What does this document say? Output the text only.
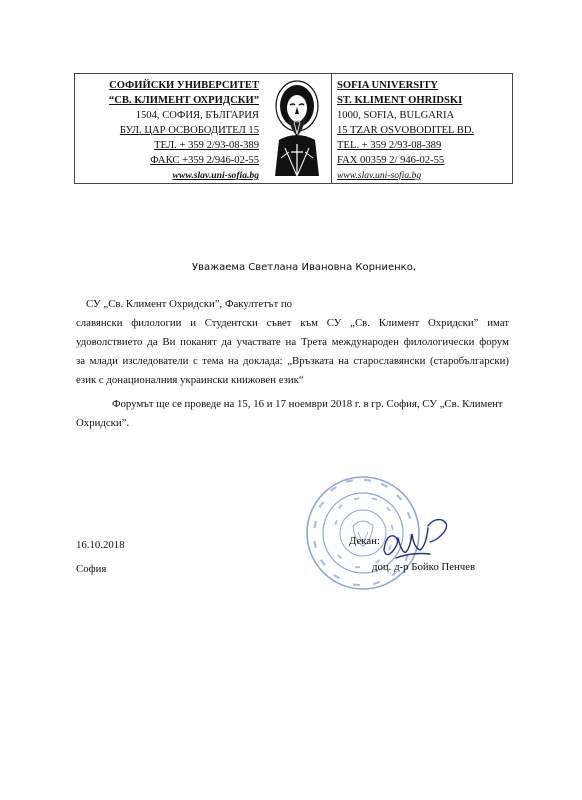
СОФИЙСКИ УНИВЕРСИТЕТ
“СВ. КЛИМЕНТ ОХРИДСКИ”
1504, СОФИЯ, БЪЛГАРИЯ
БУЛ. ЦАР ОСВОБОДИТЕЛ 15
ТЕЛ. + 359 2/93-08-389
ФАКС +359 2/946-02-55
www.slav.uni-sofia.bg
SOFIA UNIVERSITY
ST. KLIMENT OHRIDSKI
1000, SOFIA, BULGARIA
15 TZAR OSVOBODITEL BD.
TEL. + 359 2/93-08-389
FAX 00359 2/ 946-02-55
www.slav.uni-sofia.bg
Уважаема Светлана Ивановна Корниенко,
СУ „Св. Климент Охридски”, Факултетът по
славянски филологии и Студентски съвет към СУ „Св. Климент Охридски” имат
удоволствието да Ви поканят да участвате на Трета международен филологически форум
за млади изследователи с тема на доклада: „Връзката на старославянски (старобългарски)
език с донационалния украински книжовен език“
Форумът ще се проведе на 15, 16 и 17 ноември 2018 г. в гр. София, СУ „Св. Климент
Охридски”.
16.10.2018
София
Декан:
доц. д-р Бойко Пенчев
